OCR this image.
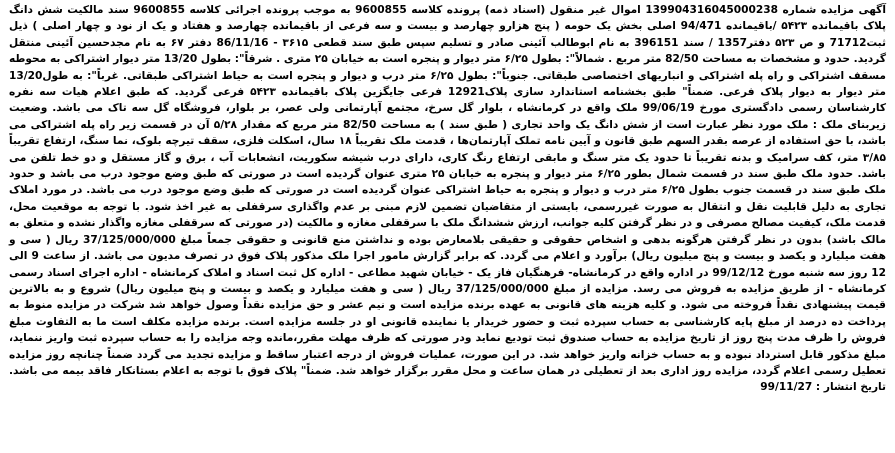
آگهی مزایده شماره 139904316045000238 اموال غیر منقول (اسناد ذمه) پرونده کلاسه 9600855 به موجب پرونده اجرائی کلاسه 9600855 سند مالکیت شش دانگ پلاک باقیمانده ۵۴۲۳ /باقیمانده 94/471 اصلی بخش یک حومه ( پنج هزارو چهارصد و بیست و سه فرعی از باقیمانده چهارصد و هفتاد و یک از نود و چهار اصلی ) ذیل ثبت71712 و ص ۵۲۳ دفتر1357 / سند 396151 به نام ابوطالب آئینی صادر و تسلیم سپس طبق سند قطعی ۳۶۱۵ - 86/11/16 دفتر ۶۷ به نام مجدحسین آئینی منتقل گردید. حدود و مشخصات به مساحت 82/50 متر مربع . شمالاً": بطول ۶/۲۵ متر دیوار و پنجره است به خیابان ۲۵ متری . شرقاً": بطول 13/20 متر دیوار اشتراکی به محوطه مسقف اشتراکی و راه پله اشتراکی و انباریهای اختصاصی طبقاتی. جنوباً": بطول ۶/۲۵ متر درب و دیوار و پنجره است به حیاط اشتراکی طبقاتی. غرباً": به طول13/20 متر دیوار به دیوار پلاک فرعی. ضمناً" طبق بخشنامه استاندارد سازی پلاک12921 فرعی جایگزین پلاک باقیمانده ۵۴۲۳ فرعی گردید. که طبق اعلام هیات سه نفره کارشناسان رسمی دادگستری مورخ 99/06/19 ملک واقع در کرمانشاه ، بلوار گل سرخ، مجتمع آپارتمانی ولی عصر، بر بلوار، فروشگاه گل سه تاک می باشد. وضعیت زیربنای ملک : ملک مورد نظر عبارت است از شش دانگ یک واحد تجاری ( طبق سند ) به مساحت 82/50 متر مربع که مقدار ۵/۲۸ آن در قسمت زیر راه پله اشتراکی می باشد، با حق استفاده از عرصه بقدر السهم طبق قانون و آیین نامه تملک آپارتمان‌ها ، قدمت ملک تقریباً ۱۸ سال، اسکلت فلزی، سقف تیرچه بلوک، نما سنگ، ارتفاع تقریباً ۳/۸۵ متر، کف سرامیک و بدنه تقریباً تا حدود یک متر سنگ و مابقی ارتفاع رنگ کاری، دارای درب شیشه سکوریت، انشعابات آب ، برق و گاز مستقل و دو خط تلفن می باشد. حدود ملک طبق سند در قسمت شمال بطور ۶/۲۵ متر دیوار و پنجره به خیابان ۲۵ متری عنوان گردیده است در صورتی که طبق وضع موجود درب می باشد و حدود ملک طبق سند در قسمت جنوب بطول ۶/۲۵ متر درب و دیوار و پنجره به حیاط اشتراکی عنوان گردیده است در صورتی که طبق وضع موجود درب می باشد. در مورد املاک تجاری به دلیل قابلیت نقل و انتقال به صورت غیررسمی، بایستی از متقاضیان تضمین لازم مبنی بر عدم واگذاری سرقفلی به غیر اخذ شود. با توجه به موقعیت محل، قدمت ملک، کیفیت مصالح مصرفی و در نظر گرفتن کلیه جوانب، ارزش ششدانگ ملک با سرقفلی مغازه و مالکیت (در صورتی که سرقفلی مغازه واگذار نشده و متعلق به مالک باشد) بدون در نظر گرفتن هرگونه بدهی و اشخاص حقوقی و حقیقی بلامعارض بوده و نداشتن منع قانونی و حقوقی جمعاً مبلغ 37/125/000/000 ریال ( سی و هفت میلیارد و یکصد و بیست و پنج میلیون ریال) برآورد و اعلام می گردد. که برابر گزارش مامور اجرا ملک مذکور پلاک فوق در تصرف مدیون می باشد. از ساعت 9 الی 12 روز سه شنبه مورخ 99/12/12 در اداره واقع در کرمانشاه- فرهنگیان فاز یک - خیابان شهید مطاعی - اداره کل ثبت اسناد و املاک کرمانشاه - اداره اجرای اسناد رسمی کرمانشاه - از طریق مزایده به فروش می رسد. مزایده از مبلغ 37/125/000/000 ریال ( سی و هفت میلیارد و یکصد و بیست و پنج میلیون ریال) شروع و به بالاترین قیمت پیشنهادی نقداً فروخته می شود. و کلیه هزینه های قانونی به عهده برنده مزایده است و نیم عشر و حق مزایده نقداً وصول خواهد شد شرکت در مزایده منوط به پرداخت ده درصد از مبلغ پایه کارشناسی به حساب سپرده ثبت و حضور خریدار یا نماینده قانونی او در جلسه مزایده است. برنده مزایده مکلف است ما به التفاوت مبلغ فروش را ظرف مدت پنج روز از تاریخ مزایده به حساب صندوق ثبت تودیع نماید ودر صورتی که ظرف مهلت مقرر،مانده وجه مزایده را به حساب سپرده ثبت واریز ننماید، مبلغ مذکور قابل استرداد نبوده و به حساب خزانه واریز خواهد شد. در این صورت، عملیات فروش از درجه اعتبار ساقط و مزایده تجدید می گردد ضمناً چنانچه روز مزایده تعطیل رسمی اعلام گردد، مزایده روز اداری بعد از تعطیلی در همان ساعت و محل مقرر برگزار خواهد شد. ضمناً" پلاک فوق با توجه به اعلام بستانکار فاقد بیمه می باشد. تاریخ انتشار : 99/11/27
